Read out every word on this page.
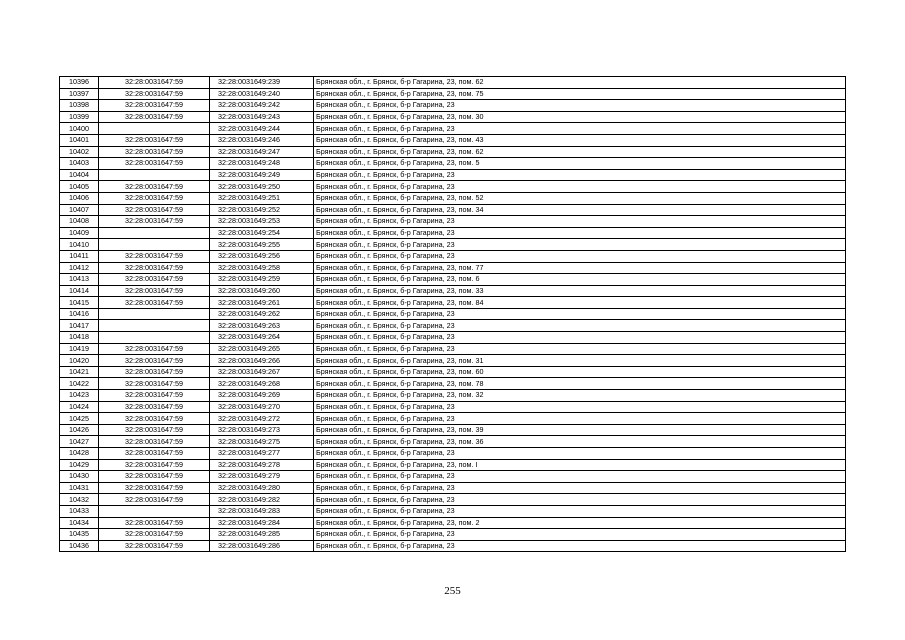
10396	32:28:0031647:59	32:28:0031649:239	Брянская обл., г. Брянск, б-р Гагарина, 23, пом. 62
10397	32:28:0031647:59	32:28:0031649:240	Брянская обл., г. Брянск, б-р Гагарина, 23, пом. 75
10398	32:28:0031647:59	32:28:0031649:242	Брянская обл., г. Брянск, б-р Гагарина, 23
10399	32:28:0031647:59	32:28:0031649:243	Брянская обл., г. Брянск, б-р Гагарина, 23, пом. 30
10400		32:28:0031649:244	Брянская обл., г. Брянск, б-р Гагарина, 23
10401	32:28:0031647:59	32:28:0031649:246	Брянская обл., г. Брянск, б-р Гагарина, 23, пом. 43
10402	32:28:0031647:59	32:28:0031649:247	Брянская обл., г. Брянск, б-р Гагарина, 23, пом. 62
10403	32:28:0031647:59	32:28:0031649:248	Брянская обл., г. Брянск, б-р Гагарина, 23, пом. 5
10404		32:28:0031649:249	Брянская обл., г. Брянск, б-р Гагарина, 23
10405	32:28:0031647:59	32:28:0031649:250	Брянская обл., г. Брянск, б-р Гагарина, 23
10406	32:28:0031647:59	32:28:0031649:251	Брянская обл., г. Брянск, б-р Гагарина, 23, пом. 52
10407	32:28:0031647:59	32:28:0031649:252	Брянская обл., г. Брянск, б-р Гагарина, 23, пом. 34
10408	32:28:0031647:59	32:28:0031649:253	Брянская обл., г. Брянск, б-р Гагарина, 23
10409		32:28:0031649:254	Брянская обл., г. Брянск, б-р Гагарина, 23
10410		32:28:0031649:255	Брянская обл., г. Брянск, б-р Гагарина, 23
10411	32:28:0031647:59	32:28:0031649:256	Брянская обл., г. Брянск, б-р Гагарина, 23
10412	32:28:0031647:59	32:28:0031649:258	Брянская обл., г. Брянск, б-р Гагарина, 23, пом. 77
10413	32:28:0031647:59	32:28:0031649:259	Брянская обл., г. Брянск, б-р Гагарина, 23, пом. 6
10414	32:28:0031647:59	32:28:0031649:260	Брянская обл., г. Брянск, б-р Гагарина, 23, пом. 33
10415	32:28:0031647:59	32:28:0031649:261	Брянская обл., г. Брянск, б-р Гагарина, 23, пом. 84
10416		32:28:0031649:262	Брянская обл., г. Брянск, б-р Гагарина, 23
10417		32:28:0031649:263	Брянская обл., г. Брянск, б-р Гагарина, 23
10418		32:28:0031649:264	Брянская обл., г. Брянск, б-р Гагарина, 23
10419	32:28:0031647:59	32:28:0031649:265	Брянская обл., г. Брянск, б-р Гагарина, 23
10420	32:28:0031647:59	32:28:0031649:266	Брянская обл., г. Брянск, б-р Гагарина, 23, пом. 31
10421	32:28:0031647:59	32:28:0031649:267	Брянская обл., г. Брянск, б-р Гагарина, 23, пом. 60
10422	32:28:0031647:59	32:28:0031649:268	Брянская обл., г. Брянск, б-р Гагарина, 23, пом. 78
10423	32:28:0031647:59	32:28:0031649:269	Брянская обл., г. Брянск, б-р Гагарина, 23, пом. 32
10424	32:28:0031647:59	32:28:0031649:270	Брянская обл., г. Брянск, б-р Гагарина, 23
10425	32:28:0031647:59	32:28:0031649:272	Брянская обл., г. Брянск, б-р Гагарина, 23
10426	32:28:0031647:59	32:28:0031649:273	Брянская обл., г. Брянск, б-р Гагарина, 23, пом. 39
10427	32:28:0031647:59	32:28:0031649:275	Брянская обл., г. Брянск, б-р Гагарина, 23, пом. 36
10428	32:28:0031647:59	32:28:0031649:277	Брянская обл., г. Брянск, б-р Гагарина, 23
10429	32:28:0031647:59	32:28:0031649:278	Брянская обл., г. Брянск, б-р Гагарина, 23, пом. I
10430	32:28:0031647:59	32:28:0031649:279	Брянская обл., г. Брянск, б-р Гагарина, 23
10431	32:28:0031647:59	32:28:0031649:280	Брянская обл., г. Брянск, б-р Гагарина, 23
10432	32:28:0031647:59	32:28:0031649:282	Брянская обл., г. Брянск, б-р Гагарина, 23
10433		32:28:0031649:283	Брянская обл., г. Брянск, б-р Гагарина, 23
10434	32:28:0031647:59	32:28:0031649:284	Брянская обл., г. Брянск, б-р Гагарина, 23, пом. 2
10435	32:28:0031647:59	32:28:0031649:285	Брянская обл., г. Брянск, б-р Гагарина, 23
10436	32:28:0031647:59	32:28:0031649:286	Брянская обл., г. Брянск, б-р Гагарина, 23
255
